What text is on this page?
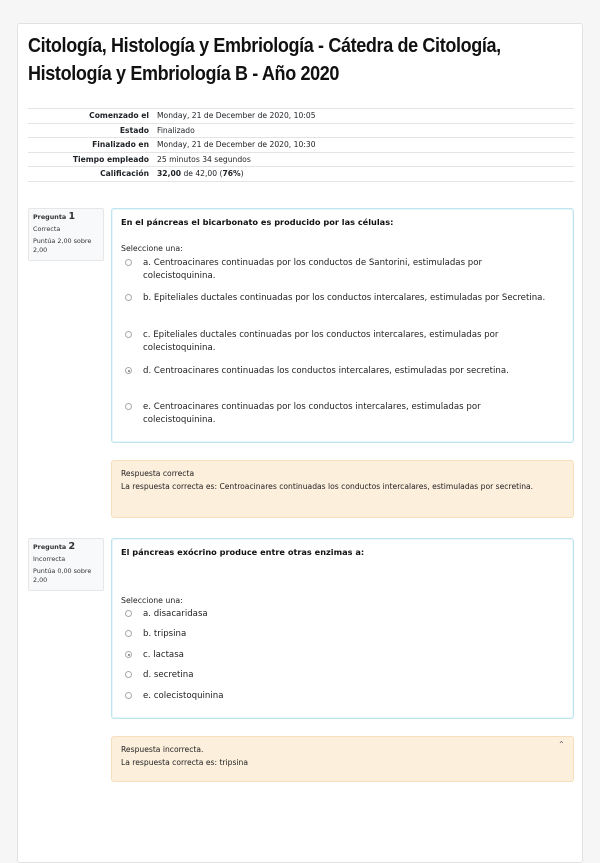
Citología, Histología y Embriología - Cátedra de Citología, Histología y Embriología B - Año 2020
Comenzado el	Monday, 21 de December de 2020, 10:05
Estado	Finalizado
Finalizado en	Monday, 21 de December de 2020, 10:30
Tiempo empleado	25 minutos 34 segundos
Calificación	32,00 de 42,00 (76%)
Pregunta 1
Correcta
Puntúa 2,00 sobre 2,00
En el páncreas el bicarbonato es producido por las células:
Seleccione una:
a. Centroacinares continuadas por los conductos de Santorini, estimuladas por colecistoquinina.
b. Epiteliales ductales continuadas por los conductos intercalares, estimuladas por Secretina.
c. Epiteliales ductales continuadas por los conductos intercalares, estimuladas por colecistoquinina.
d. Centroacinares continuadas los conductos intercalares, estimuladas por secretina.
e. Centroacinares continuadas por los conductos intercalares, estimuladas por colecistoquinina.
Respuesta correcta
La respuesta correcta es: Centroacinares continuadas los conductos intercalares, estimuladas por secretina.
Pregunta 2
Incorrecta
Puntúa 0,00 sobre 2,00
El páncreas exócrino produce entre otras enzimas a:
Seleccione una:
a. disacaridasa
b. tripsina
c. lactasa
d. secretina
e. colecistoquinina
Respuesta incorrecta.
La respuesta correcta es: tripsina
⌃
